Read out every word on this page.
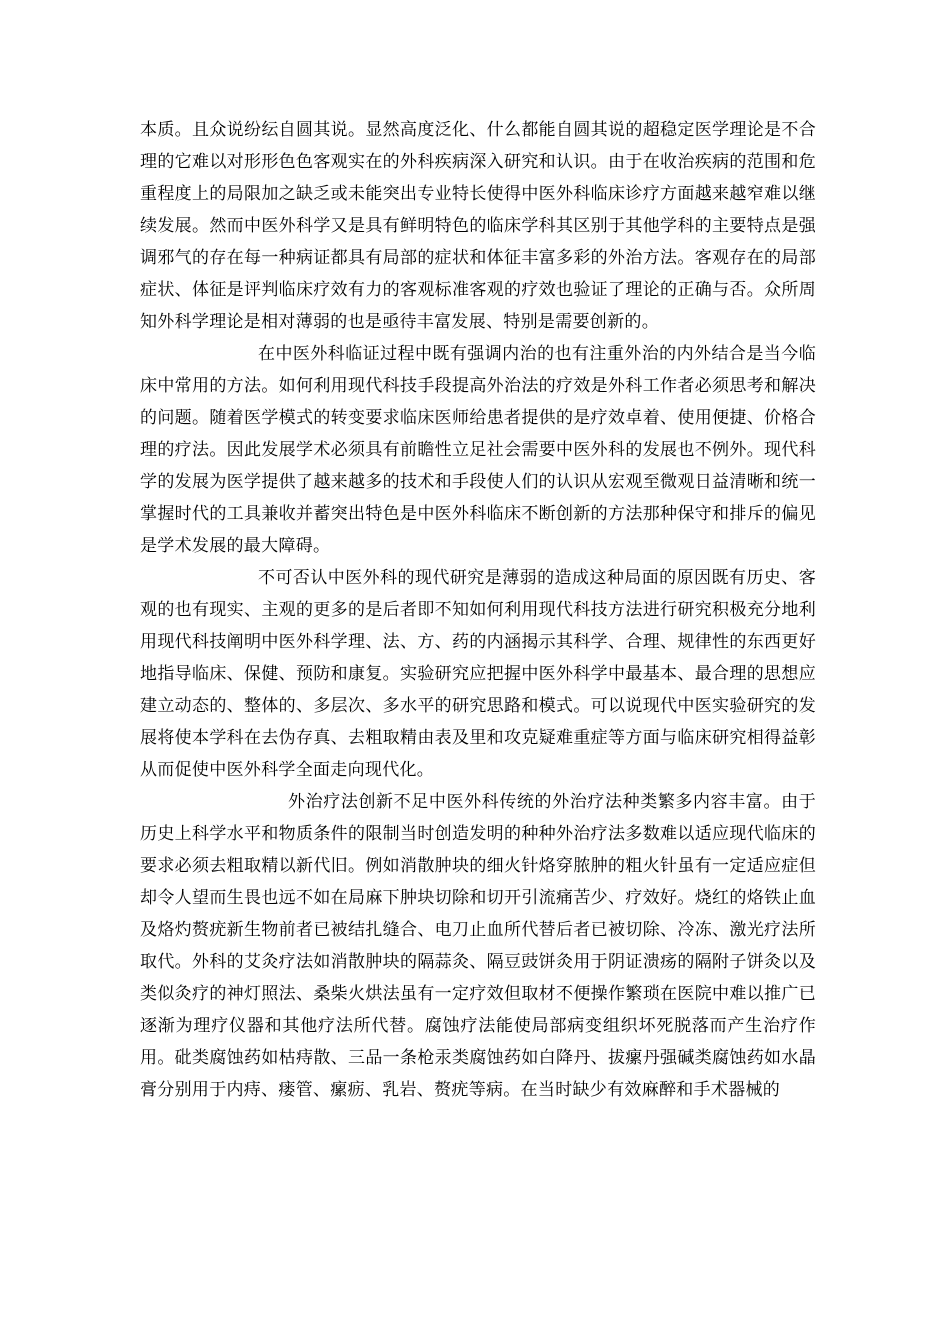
本质。且众说纷纭自圆其说。显然高度泛化、什么都能自圆其说的超稳定医学理论是不合理的它难以对形形色色客观实在的外科疾病深入研究和认识。由于在收治疾病的范围和危重程度上的局限加之缺乏或未能突出专业特长使得中医外科临床诊疗方面越来越窄难以继续发展。然而中医外科学又是具有鲜明特色的临床学科其区别于其他学科的主要特点是强调邪气的存在每一种病证都具有局部的症状和体征丰富多彩的外治方法。客观存在的局部症状、体征是评判临床疗效有力的客观标准客观的疗效也验证了理论的正确与否。众所周知外科学理论是相对薄弱的也是亟待丰富发展、特别是需要创新的。

在中医外科临证过程中既有强调内治的也有注重外治的内外结合是当今临床中常用的方法。如何利用现代科技手段提高外治法的疗效是外科工作者必须思考和解决的问题。随着医学模式的转变要求临床医师给患者提供的是疗效卓着、使用便捷、价格合理的疗法。因此发展学术必须具有前瞻性立足社会需要中医外科的发展也不例外。现代科学的发展为医学提供了越来越多的技术和手段使人们的认识从宏观至微观日益清晰和统一掌握时代的工具兼收并蓄突出特色是中医外科临床不断创新的方法那种保守和排斥的偏见是学术发展的最大障碍。

不可否认中医外科的现代研究是薄弱的造成这种局面的原因既有历史、客观的也有现实、主观的更多的是后者即不知如何利用现代科技方法进行研究积极充分地利用现代科技阐明中医外科学理、法、方、药的内涵揭示其科学、合理、规律性的东西更好地指导临床、保健、预防和康复。实验研究应把握中医外科学中最基本、最合理的思想应建立动态的、整体的、多层次、多水平的研究思路和模式。可以说现代中医实验研究的发展将使本学科在去伪存真、去粗取精由表及里和攻克疑难重症等方面与临床研究相得益彰从而促使中医外科学全面走向现代化。

外治疗法创新不足中医外科传统的外治疗法种类繁多内容丰富。由于历史上科学水平和物质条件的限制当时创造发明的种种外治疗法多数难以适应现代临床的要求必须去粗取精以新代旧。例如消散肿块的细火针烙穿脓肿的粗火针虽有一定适应症但却令人望而生畏也远不如在局麻下肿块切除和切开引流痛苦少、疗效好。烧红的烙铁止血及烙灼赘疣新生物前者已被结扎缝合、电刀止血所代替后者已被切除、冷冻、激光疗法所取代。外科的艾灸疗法如消散肿块的隔蒜灸、隔豆豉饼灸用于阴证溃疡的隔附子饼灸以及类似灸疗的神灯照法、桑柴火烘法虽有一定疗效但取材不便操作繁琐在医院中难以推广已逐渐为理疗仪器和其他疗法所代替。腐蚀疗法能使局部病变组织坏死脱落而产生治疗作用。砒类腐蚀药如枯痔散、三品一条枪汞类腐蚀药如白降丹、拔瘰丹强碱类腐蚀药如水晶膏分别用于内痔、瘘管、瘰疬、乳岩、赘疣等病。在当时缺少有效麻醉和手术器械的
